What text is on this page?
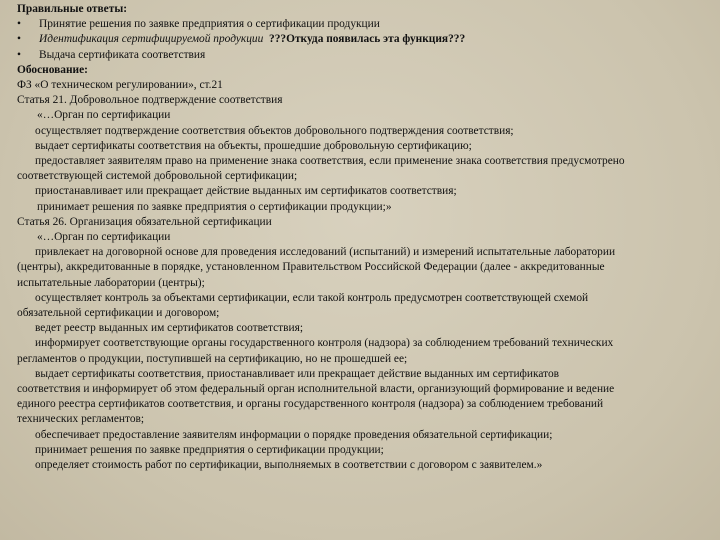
Правильные ответы:

•	Принятие решения по заявке предприятия о сертификации продукции
•	Идентификация сертифицируемой продукции ???Откуда появилась эта функция???
•	Выдача сертификата соответствия

Обоснование:

ФЗ «О техническом регулировании», ст.21

Статья 21. Добровольное подтверждение соответствия

«…Орган по сертификации

осуществляет подтверждение соответствия объектов добровольного подтверждения соответствия;

выдает сертификаты соответствия на объекты, прошедшие добровольную сертификацию;

предоставляет заявителям право на применение знака соответствия, если применение знака соответствия предусмотрено

соответствующей системой добровольной сертификации;

приостанавливает или прекращает действие выданных им сертификатов соответствия;

принимает решения по заявке предприятия о сертификации продукции;»

Статья 26. Организация обязательной сертификации

«…Орган по сертификации

привлекает на договорной основе для проведения исследований (испытаний) и измерений испытательные лаборатории

(центры), аккредитованные в порядке, установленном Правительством Российской Федерации (далее - аккредитованные

испытательные лаборатории (центры);

осуществляет контроль за объектами сертификации, если такой контроль предусмотрен соответствующей схемой

обязательной сертификации и договором;

ведет реестр выданных им сертификатов соответствия;

информирует соответствующие органы государственного контроля (надзора) за соблюдением требований технических

регламентов о продукции, поступившей на сертификацию, но не прошедшей ее;

выдает сертификаты соответствия, приостанавливает или прекращает действие выданных им сертификатов

соответствия и информирует об этом федеральный орган исполнительной власти, организующий формирование и ведение

единого реестра сертификатов соответствия, и органы государственного контроля (надзора) за соблюдением требований

технических регламентов;

обеспечивает предоставление заявителям информации о порядке проведения обязательной сертификации;

принимает решения по заявке предприятия о сертификации продукции;

определяет стоимость работ по сертификации, выполняемых в соответствии с договором с заявителем.»
